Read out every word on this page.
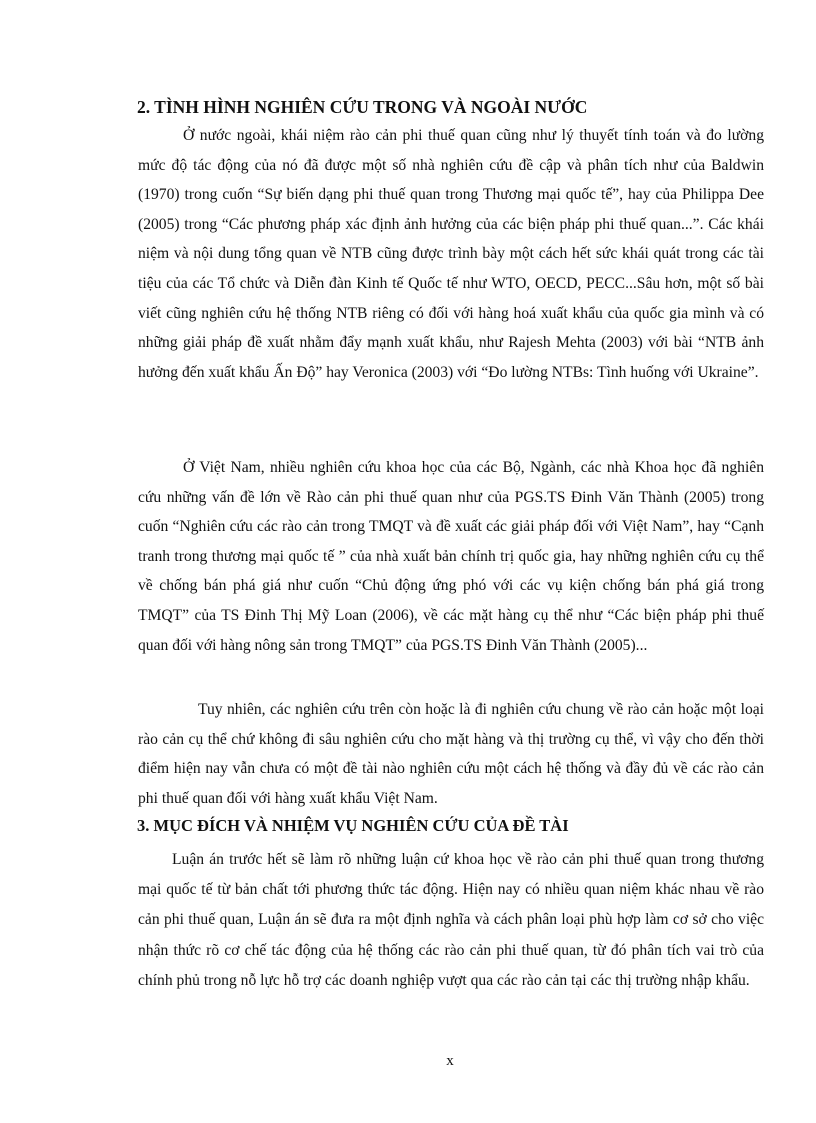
2. TÌNH HÌNH NGHIÊN CỨU TRONG VÀ NGOÀI NƯỚC

Ở nước ngoài, khái niệm rào cản phi thuế quan cũng như lý thuyết tính toán và đo lường mức độ tác động của nó đã được một số nhà nghiên cứu đề cập và phân tích như của Baldwin (1970) trong cuốn “Sự biến dạng phi thuế quan trong Thương mại quốc tế”, hay của Philippa Dee (2005) trong “Các phương pháp xác định ảnh hưởng của các biện pháp phi thuế quan...”. Các khái niệm và nội dung tổng quan về NTB cũng được trình bày một cách hết sức khái quát trong các tài tiệu của các Tổ chức và Diễn đàn Kinh tế Quốc tế như WTO, OECD, PECC...Sâu hơn, một số bài viết cũng nghiên cứu hệ thống NTB riêng có đối với hàng hoá xuất khẩu của quốc gia mình và có những giải pháp đề xuất nhằm đẩy mạnh xuất khẩu, như Rajesh Mehta (2003) với bài “NTB ảnh hưởng đến xuất khẩu Ấn Độ” hay Veronica (2003) với “Đo lường NTBs: Tình huống với Ukraine”.

Ở Việt Nam, nhiều nghiên cứu khoa học của các Bộ, Ngành, các nhà Khoa học đã nghiên cứu những vấn đề lớn về Rào cản phi thuế quan như của PGS.TS Đinh Văn Thành (2005) trong cuốn “Nghiên cứu các rào cản trong TMQT và đề xuất các giải pháp đối với Việt Nam”, hay “Cạnh tranh trong thương mại quốc tế ” của nhà xuất bản chính trị quốc gia, hay những nghiên cứu cụ thể về chống bán phá giá như cuốn “Chủ động ứng phó với các vụ kiện chống bán phá giá trong TMQT” của TS Đinh Thị Mỹ Loan (2006), về các mặt hàng cụ thể như “Các biện pháp phi thuế quan đối với hàng nông sản trong TMQT” của PGS.TS Đinh Văn Thành (2005)...

Tuy nhiên, các nghiên cứu trên còn hoặc là đi nghiên cứu chung về rào cản hoặc một loại rào cản cụ thể chứ không đi sâu nghiên cứu cho mặt hàng và thị trường cụ thể, vì vậy cho đến thời điểm hiện nay vẫn chưa có một đề tài nào nghiên cứu một cách hệ thống và đầy đủ về các rào cản phi thuế quan đối với hàng xuất khẩu Việt Nam.

3. MỤC ĐÍCH VÀ NHIỆM VỤ NGHIÊN CỨU CỦA ĐỀ TÀI

Luận án trước hết sẽ làm rõ những luận cứ khoa học về rào cản phi thuế quan trong thương mại quốc tế từ bản chất tới phương thức tác động. Hiện nay có nhiều quan niệm khác nhau về rào cản phi thuế quan, Luận án sẽ đưa ra một định nghĩa và cách phân loại phù hợp làm cơ sở cho việc nhận thức rõ cơ chế tác động của hệ thống các rào cản phi thuế quan, từ đó phân tích vai trò của chính phủ trong nỗ lực hỗ trợ các doanh nghiệp vượt qua các rào cản tại các thị trường nhập khẩu.

x
